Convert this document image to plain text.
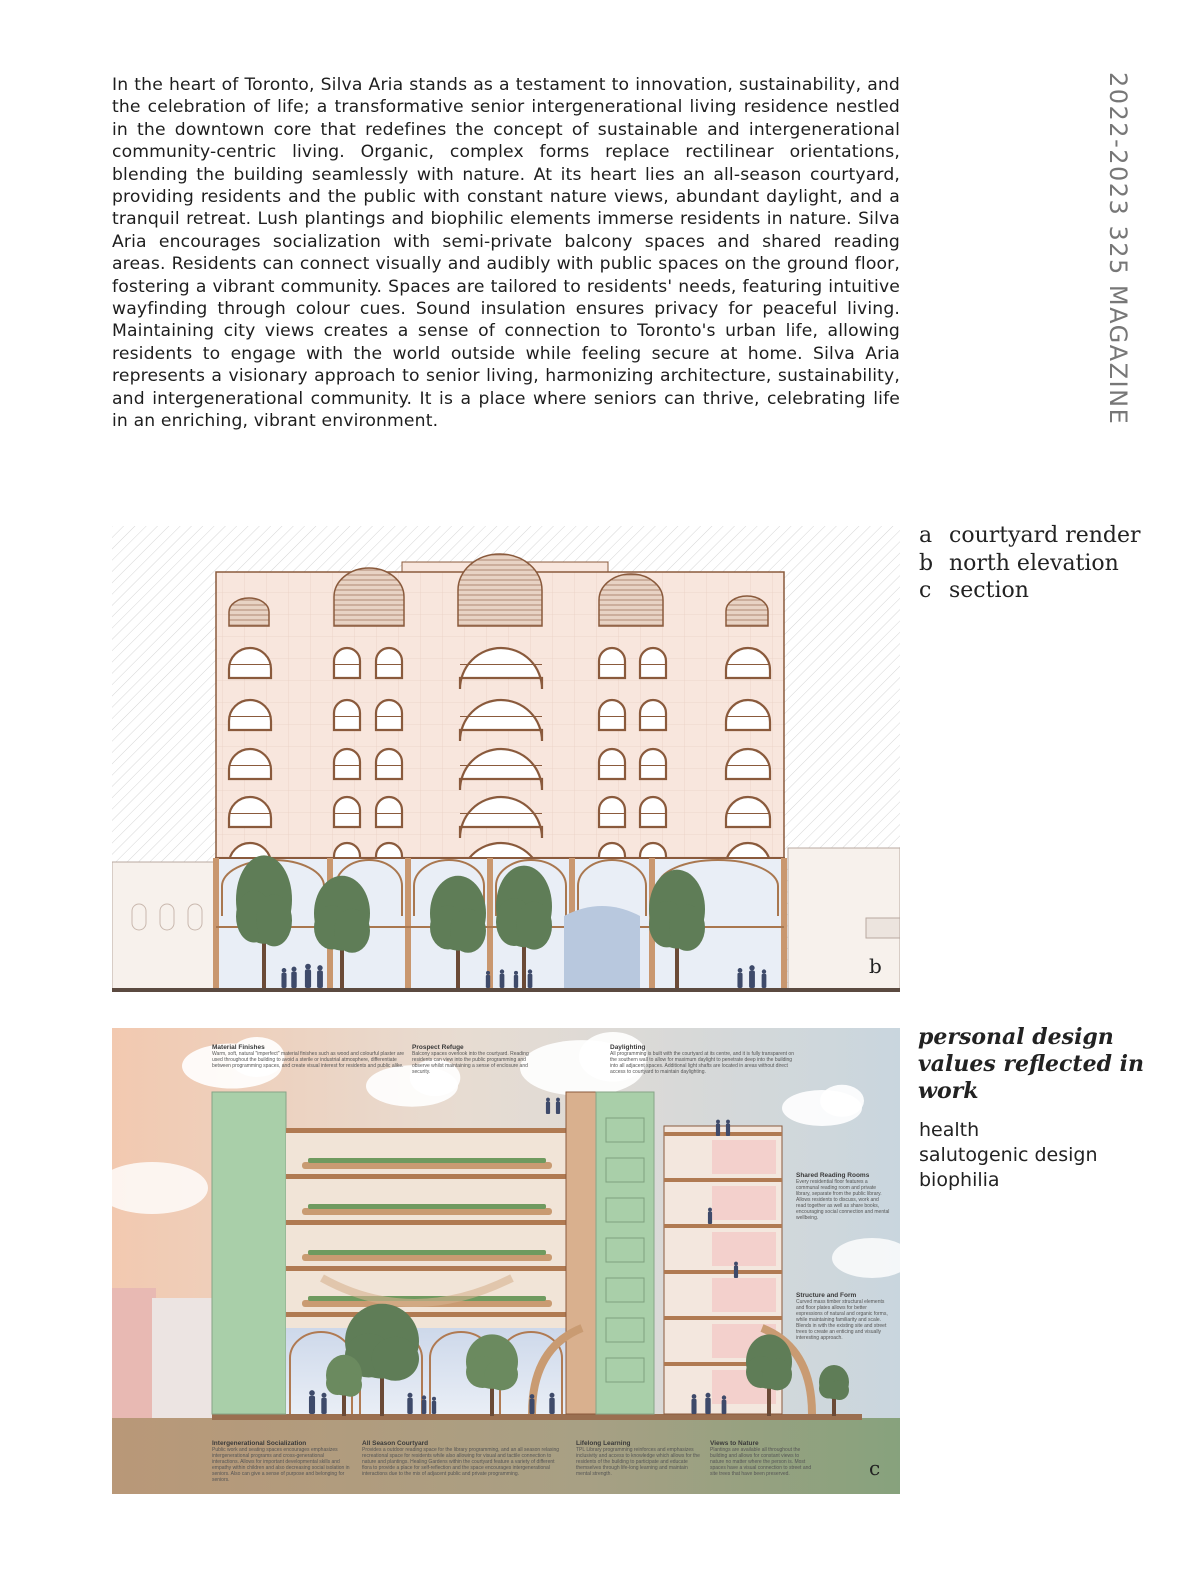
In the heart of Toronto, Silva Aria stands as a testament to innovation, sustainability, and the celebration of life; a transformative senior intergenerational living residence nestled in the downtown core that redefines the concept of sustainable and intergenerational community-centric living. Organic, complex forms replace rectilinear orientations, blending the building seamlessly with nature. At its heart lies an all-season courtyard, providing residents and the public with constant nature views, abundant daylight, and a tranquil retreat. Lush plantings and biophilic elements immerse residents in nature. Silva Aria encourages socialization with semi-private balcony spaces and shared reading areas. Residents can connect visually and audibly with public spaces on the ground floor, fostering a vibrant community. Spaces are tailored to residents' needs, featuring intuitive wayfinding through colour cues. Sound insulation ensures privacy for peaceful living. Maintaining city views creates a sense of connection to Toronto's urban life, allowing residents to engage with the world outside while feeling secure at home. Silva Aria represents a visionary approach to senior living, harmonizing architecture, sustainability, and intergenerational community. It is a place where seniors can thrive, celebrating life in an enriching, vibrant environment.	2022-2023 325 MAGAZINE
a courtyard render
b north elevation
c section
personal design values reflected in work
health
salutogenic design
biophilia
b
Material Finishes
Warm, soft, natural "imperfect" material finishes such as wood and colourful plaster are used throughout the building to avoid a sterile or industrial atmosphere, differentiate between programming spaces, and create visual interest for residents and public alike.
Prospect Refuge
Balcony spaces overlook into the courtyard. Reading residents can view into the public programming and observe whilst maintaining a sense of enclosure and security.
Daylighting
All programming is built with the courtyard at its centre, and it is fully transparent on the southern wall to allow for maximum daylight to penetrate deep into the building into all adjacent spaces. Additional light shafts are located in areas without direct access to courtyard to maintain daylighting.
Shared Reading Rooms
Every residential floor features a communal reading room and private library, separate from the public library. Allows residents to discuss, work and read together as well as share books, encouraging social connection and mental wellbeing.
Structure and Form
Curved mass timber structural elements and floor plates allows for better expressions of natural and organic forms, while maintaining familiarity and scale. Blends in with the existing site and street trees to create an enticing and visually interesting approach.
Intergenerational Socialization
Public work and seating spaces encourages emphasizes intergenerational programs and cross-generational interactions. Allows for important developmental skills and empathy within children and also decreasing social isolation in seniors. Also can give a sense of purpose and belonging for seniors.
All Season Courtyard
Provides a outdoor reading space for the library programming, and an all season relaxing recreational space for residents while also allowing for visual and tactile connection to nature and plantings. Healing Gardens within the courtyard feature a variety of different flora to provide a place for self-reflection and the space encourages intergenerational interactions due to the mix of adjacent public and private programming.
Lifelong Learning
TPL Library programming reinforces and emphasizes inclusivity and access to knowledge which allows for the residents of the building to participate and educate themselves through life-long learning and maintain mental strength.
Views to Nature
Plantings are available all throughout the building and allows for constant views to nature no matter where the person is. Most spaces have a visual connection to street and site trees that have been preserved.	c
